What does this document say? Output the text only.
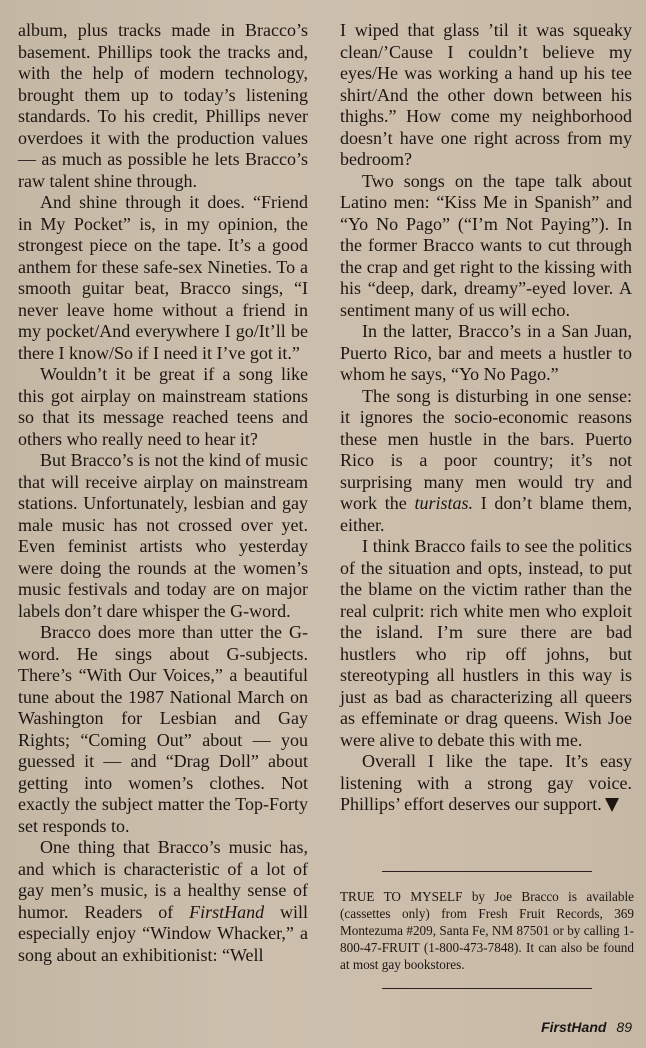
album, plus tracks made in Bracco’s basement. Phillips took the tracks and, with the help of modern technology, brought them up to today’s listening standards. To his credit, Phillips never overdoes it with the production values — as much as possible he lets Bracco’s raw talent shine through.

And shine through it does. “Friend in My Pocket” is, in my opinion, the strongest piece on the tape. It’s a good anthem for these safe-sex Nineties. To a smooth guitar beat, Bracco sings, “I never leave home without a friend in my pocket/And everywhere I go/It’ll be there I know/So if I need it I’ve got it.”

Wouldn’t it be great if a song like this got airplay on mainstream stations so that its message reached teens and others who really need to hear it?

But Bracco’s is not the kind of music that will receive airplay on mainstream stations. Unfortunately, lesbian and gay male music has not crossed over yet. Even feminist artists who yesterday were doing the rounds at the women’s music festivals and today are on major labels don’t dare whisper the G-word.

Bracco does more than utter the G-word. He sings about G-subjects. There’s “With Our Voices,” a beautiful tune about the 1987 National March on Washington for Lesbian and Gay Rights; “Coming Out” about — you guessed it — and “Drag Doll” about getting into women’s clothes. Not exactly the subject matter the Top-Forty set responds to.

One thing that Bracco’s music has, and which is characteristic of a lot of gay men’s music, is a healthy sense of humor. Readers of FirstHand will especially enjoy “Window Whacker,” a song about an exhibitionist: “Well

I wiped that glass ’til it was squeaky clean/’Cause I couldn’t believe my eyes/He was working a hand up his tee shirt/And the other down between his thighs.” How come my neighborhood doesn’t have one right across from my bedroom?

Two songs on the tape talk about Latino men: “Kiss Me in Spanish” and “Yo No Pago” (“I’m Not Paying”). In the former Bracco wants to cut through the crap and get right to the kissing with his “deep, dark, dreamy”-eyed lover. A sentiment many of us will echo.

In the latter, Bracco’s in a San Juan, Puerto Rico, bar and meets a hustler to whom he says, “Yo No Pago.”

The song is disturbing in one sense: it ignores the socio-economic reasons these men hustle in the bars. Puerto Rico is a poor country; it’s not surprising many men would try and work the turistas. I don’t blame them, either.

I think Bracco fails to see the politics of the situation and opts, instead, to put the blame on the victim rather than the real culprit: rich white men who exploit the island. I’m sure there are bad hustlers who rip off johns, but stereotyping all hustlers in this way is just as bad as characterizing all queers as effeminate or drag queens. Wish Joe were alive to debate this with me.

Overall I like the tape. It’s easy listening with a strong gay voice. Phillips’ effort deserves our support.

TRUE TO MYSELF by Joe Bracco is available (cassettes only) from Fresh Fruit Records, 369 Montezuma #209, Santa Fe, NM 87501 or by calling 1-800-47-FRUIT (1-800-473-7848). It can also be found at most gay bookstores.
FirstHand 89
